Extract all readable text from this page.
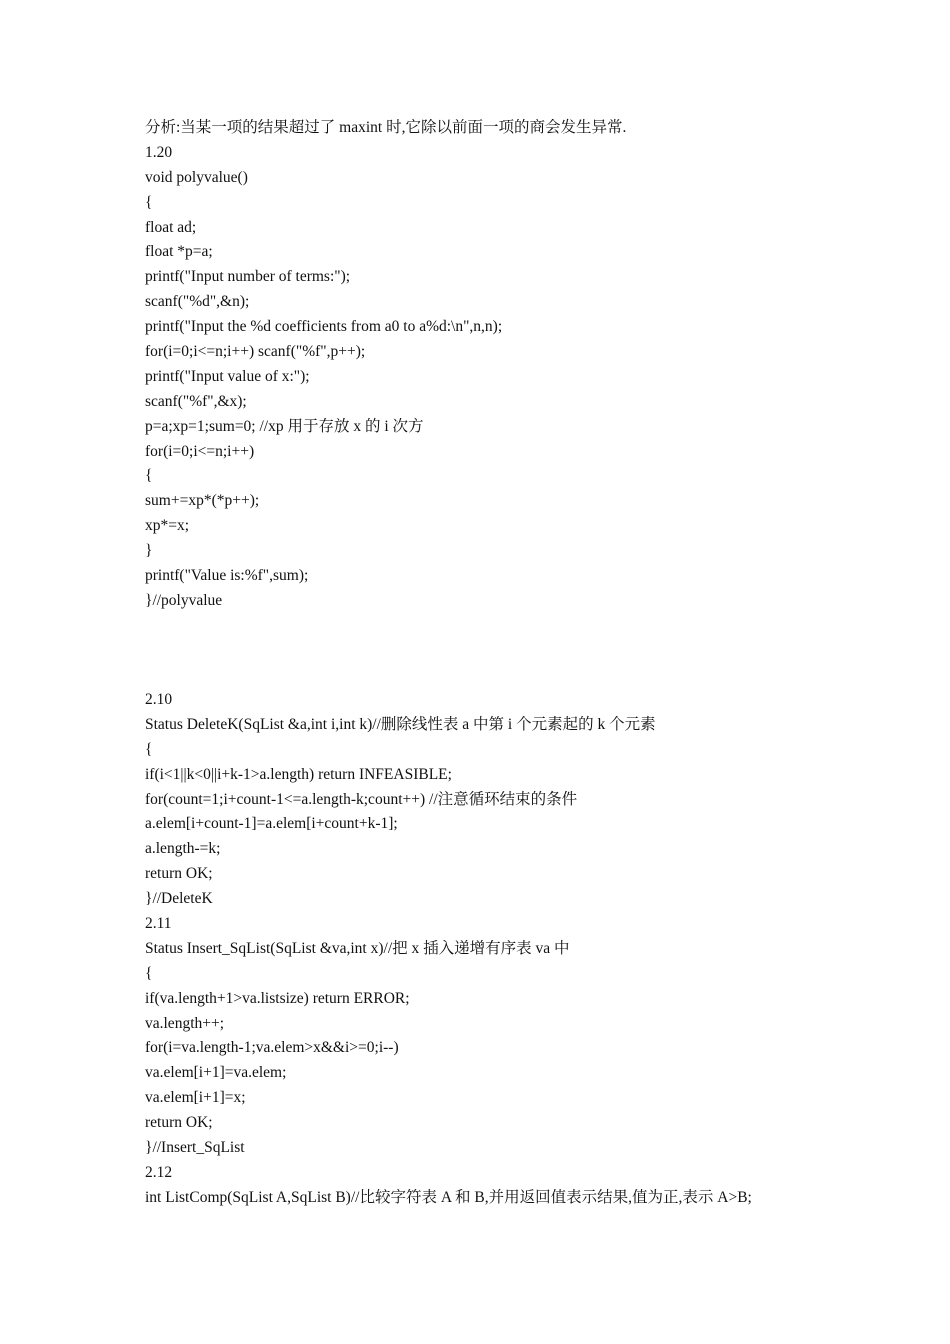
分析:当某一项的结果超过了 maxint 时,它除以前面一项的商会发生异常.
1.20
void polyvalue()
{
float ad;
float *p=a;
printf("Input number of terms:");
scanf("%d",&n);
printf("Input the %d coefficients from a0 to a%d:\n",n,n);
for(i=0;i<=n;i++) scanf("%f",p++);
printf("Input value of x:");
scanf("%f",&x);
p=a;xp=1;sum=0; //xp 用于存放 x 的 i 次方
for(i=0;i<=n;i++)
{
sum+=xp*(*p++);
xp*=x;
}
printf("Value is:%f",sum);
}//polyvalue
2.10
Status DeleteK(SqList &a,int i,int k)//删除线性表 a 中第 i 个元素起的 k 个元素
{
if(i<1||k<0||i+k-1>a.length) return INFEASIBLE;
for(count=1;i+count-1<=a.length-k;count++) //注意循环结束的条件
a.elem[i+count-1]=a.elem[i+count+k-1];
a.length-=k;
return OK;
}//DeleteK
2.11
Status Insert_SqList(SqList &va,int x)//把 x 插入递增有序表 va 中
{
if(va.length+1>va.listsize) return ERROR;
va.length++;
for(i=va.length-1;va.elem>x&&i>=0;i--)
va.elem[i+1]=va.elem;
va.elem[i+1]=x;
return OK;
}//Insert_SqList
2.12
int ListComp(SqList A,SqList B)//比较字符表 A 和 B,并用返回值表示结果,值为正,表示 A>B;
